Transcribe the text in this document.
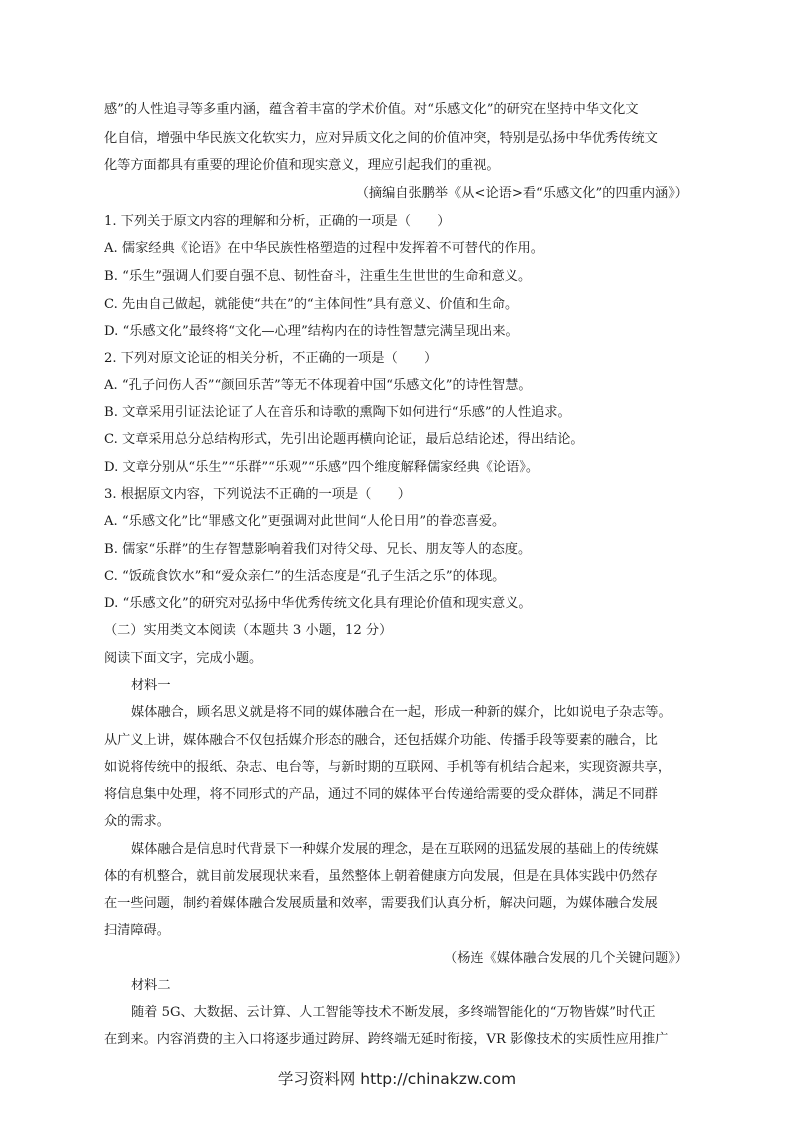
感”的人性追寻等多重内涵，蕴含着丰富的学术价值。对“乐感文化”的研究在坚持中华文化文
化自信，增强中华民族文化软实力，应对异质文化之间的价值冲突，特别是弘扬中华优秀传统文
化等方面都具有重要的理论价值和现实意义，理应引起我们的重视。
（摘编自张鹏举《从<论语>看“乐感文化”的四重内涵》）
1. 下列关于原文内容的理解和分析，正确的一项是（　　）
A. 儒家经典《论语》在中华民族性格塑造的过程中发挥着不可替代的作用。
B. “乐生”强调人们要自强不息、韧性奋斗，注重生生世世的生命和意义。
C. 先由自己做起，就能使“共在”的“主体间性”具有意义、价值和生命。
D. “乐感文化”最终将“文化—心理”结构内在的诗性智慧完满呈现出来。
2. 下列对原文论证的相关分析，不正确的一项是（　　）
A. “孔子问伤人否”“颜回乐苦”等无不体现着中国“乐感文化”的诗性智慧。
B. 文章采用引证法论证了人在音乐和诗歌的熏陶下如何进行“乐感”的人性追求。
C. 文章采用总分总结构形式，先引出论题再横向论证，最后总结论述，得出结论。
D. 文章分别从“乐生”“乐群”“乐观”“乐感”四个维度解释儒家经典《论语》。
3. 根据原文内容，下列说法不正确的一项是（　　）
A. “乐感文化”比“罪感文化”更强调对此世间“人伦日用”的眷恋喜爱。
B. 儒家“乐群”的生存智慧影响着我们对待父母、兄长、朋友等人的态度。
C. “饭疏食饮水”和“爱众亲仁”的生活态度是“孔子生活之乐”的体现。
D. “乐感文化”的研究对弘扬中华优秀传统文化具有理论价值和现实意义。
（二）实用类文本阅读（本题共 3 小题，12 分）
阅读下面文字，完成小题。
材料一
媒体融合，顾名思义就是将不同的媒体融合在一起，形成一种新的媒介，比如说电子杂志等。
从广义上讲，媒体融合不仅包括媒介形态的融合，还包括媒介功能、传播手段等要素的融合，比
如说将传统中的报纸、杂志、电台等，与新时期的互联网、手机等有机结合起来，实现资源共享，
将信息集中处理，将不同形式的产品，通过不同的媒体平台传递给需要的受众群体，满足不同群
众的需求。
媒体融合是信息时代背景下一种媒介发展的理念，是在互联网的迅猛发展的基础上的传统媒
体的有机整合，就目前发展现状来看，虽然整体上朝着健康方向发展，但是在具体实践中仍然存
在一些问题，制约着媒体融合发展质量和效率，需要我们认真分析，解决问题，为媒体融合发展
扫清障碍。
（杨连《媒体融合发展的几个关键问题》）
材料二
随着 5G、大数据、云计算、人工智能等技术不断发展，多终端智能化的“万物皆媒”时代正
在到来。内容消费的主入口将逐步通过跨屏、跨终端无延时衔接，VR 影像技术的实质性应用推广
学习资料网 http://chinakzw.com
